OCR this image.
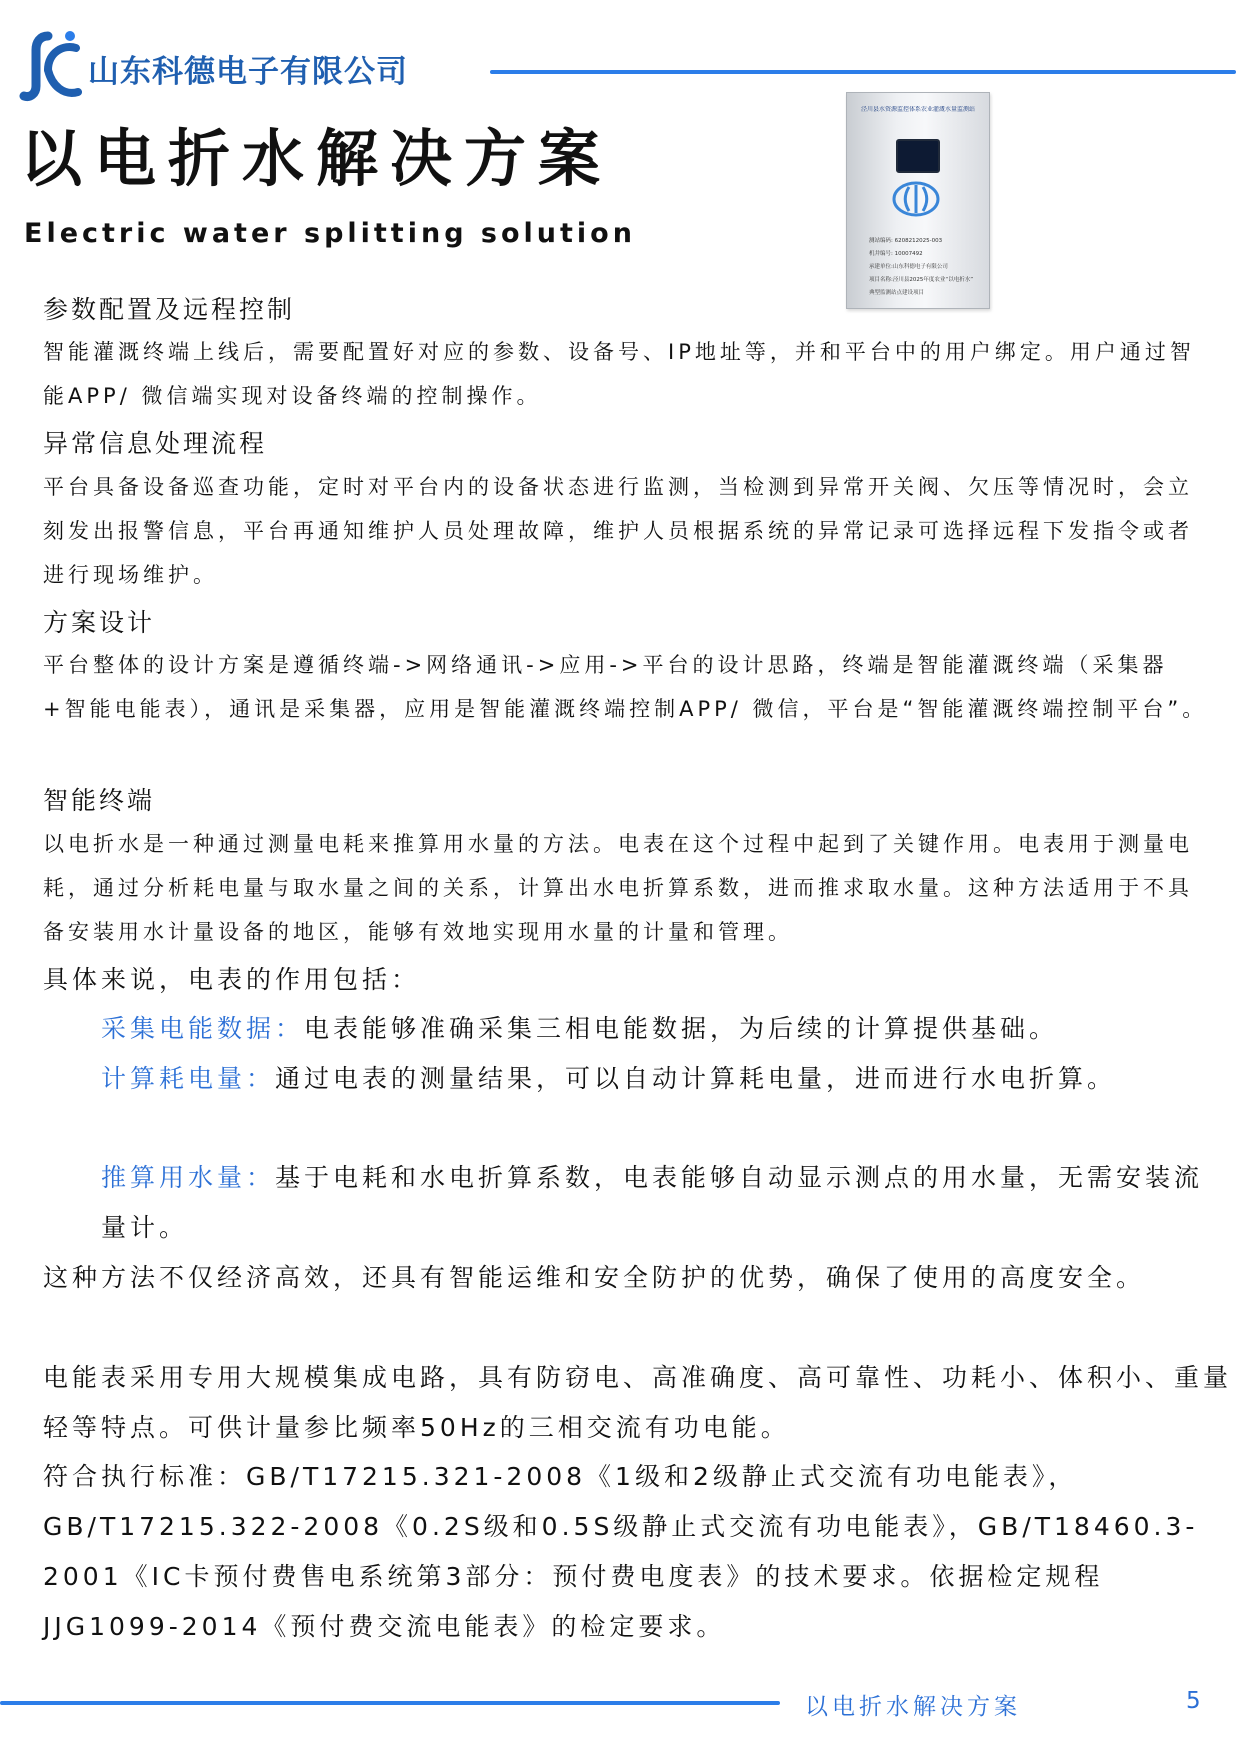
山东科德电子有限公司
以电折水解决方案
Electric water splitting solution
泾川县水资源监控体系农业灌溉水量监测站
测站编码: 6208212025-003
机井编号: 10007492
承建单位:山东科德电子有限公司
项目名称:泾川县2025年度农业“以电折水”
典型监测站点建设项目
参数配置及远程控制

智能灌溉终端上线后，需要配置好对应的参数、设备号、IP地址等，并和平台中的用户绑定。用户通过智能APP/ 微信端实现对设备终端的控制操作。

异常信息处理流程

平台具备设备巡查功能，定时对平台内的设备状态进行监测，当检测到异常开关阀、欠压等情况时，会立刻发出报警信息，平台再通知维护人员处理故障，维护人员根据系统的异常记录可选择远程下发指令或者进行现场维护。

方案设计

平台整体的设计方案是遵循终端->网络通讯->应用->平台的设计思路，终端是智能灌溉终端（采集器+智能电能表），通讯是采集器，应用是智能灌溉终端控制APP/ 微信，平台是“智能灌溉终端控制平台”。

智能终端

以电折水是一种通过测量电耗来推算用水量的方法。电表在这个过程中起到了关键作用。电表用于测量电耗，通过分析耗电量与取水量之间的关系，计算出水电折算系数，进而推求取水量。这种方法适用于不具备安装用水计量设备的地区，能够有效地实现用水量的计量和管理。

具体来说，电表的作用包括：

采集电能数据：电表能够准确采集三相电能数据，为后续的计算提供基础。

计算耗电量：通过电表的测量结果，可以自动计算耗电量，进而进行水电折算。

推算用水量：基于电耗和水电折算系数，电表能够自动显示测点的用水量，无需安装流量计。

这种方法不仅经济高效，还具有智能运维和安全防护的优势，确保了使用的高度安全。

电能表采用专用大规模集成电路，具有防窃电、高准确度、高可靠性、功耗小、体积小、重量轻等特点。可供计量参比频率50Hz的三相交流有功电能。

符合执行标准：GB/T17215.321-2008《1级和2级静止式交流有功电能表》，GB/T17215.322-2008《0.2S级和0.5S级静止式交流有功电能表》，GB/T18460.3-2001《IC卡预付费售电系统第3部分：预付费电度表》的技术要求。依据检定规程JJG1099-2014《预付费交流电能表》的检定要求。

以电折水解决方案	5
